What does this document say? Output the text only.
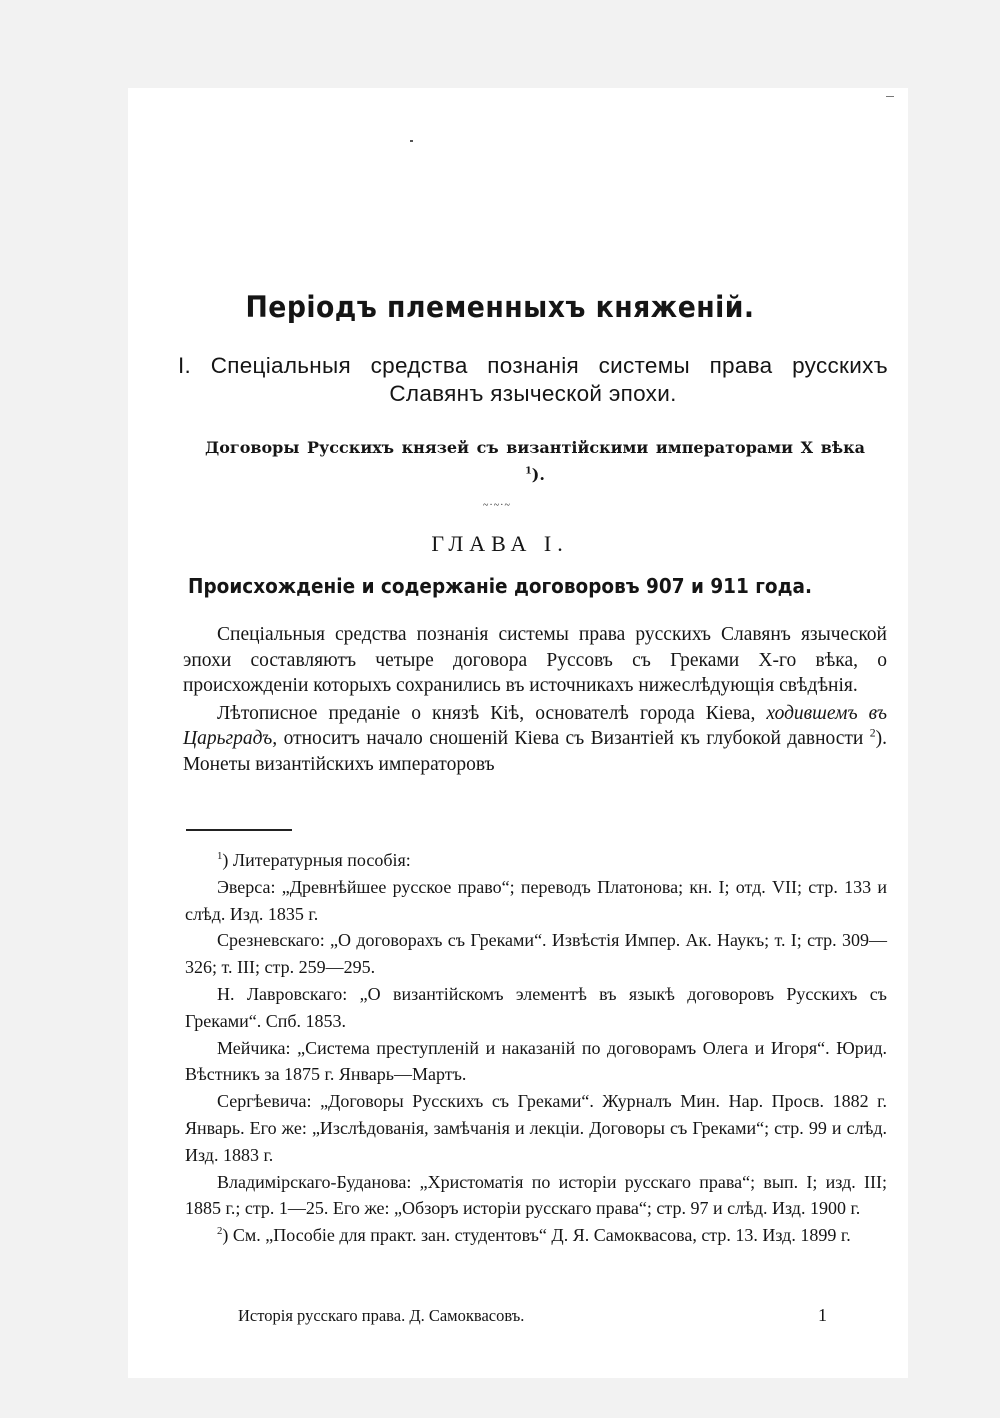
Періодъ племенныхъ княженій.
I. Спеціальныя средства познанія системы права русскихъ Славянъ языческой эпохи.
Договоры Русскихъ князей съ византійскими императорами X вѣка $^1$).
~·~·~
ГЛАВА I.
Происхожденіе и содержаніе договоровъ 907 и 911 года.

Спеціальныя средства познанія системы права русскихъ Славянъ языческой эпохи составляютъ четыре договора Руссовъ съ Греками X-го вѣка, о происхожденіи которыхъ сохранились въ источникахъ нижеслѣдующія свѣдѣнія.

Лѣтописное преданіе о князѣ Кіѣ, основателѣ города Кіева, ходившемъ въ Царьградъ, относитъ начало сношеній Кіева съ Византіей къ глубокой давности $^2$). Монеты византійскихъ императоровъ

$^1$) Литературныя пособія:

Эверса: „Древнѣйшее русское право“; переводъ Платонова; кн. I; отд. VII; стр. 133 и слѣд. Изд. 1835 г.

Срезневскаго: „О договорахъ съ Греками“. Извѣстія Импер. Ак. Наукъ; т. I; стр. 309—326; т. III; стр. 259—295.

Н. Лавровскаго: „О византійскомъ элементѣ въ языкѣ договоровъ Русскихъ съ Греками“. Спб. 1853.

Мейчика: „Система преступленій и наказаній по договорамъ Олега и Игоря“. Юрид. Вѣстникъ за 1875 г. Январь—Мартъ.

Сергѣевича: „Договоры Русскихъ съ Греками“. Журналъ Мин. Нар. Просв. 1882 г. Январь. Его же: „Изслѣдованія, замѣчанія и лекціи. Договоры съ Греками“; стр. 99 и слѣд. Изд. 1883 г.

Владимірскаго-Буданова: „Христоматія по исторіи русскаго права“; вып. I; изд. III; 1885 г.; стр. 1—25. Его же: „Обзоръ исторіи русскаго права“; стр. 97 и слѣд. Изд. 1900 г.

$^2$) См. „Пособіе для практ. зан. студентовъ“ Д. Я. Самоквасова, стр. 13. Изд. 1899 г.

Исторія русскаго права. Д. Самоквасовъ.	1
